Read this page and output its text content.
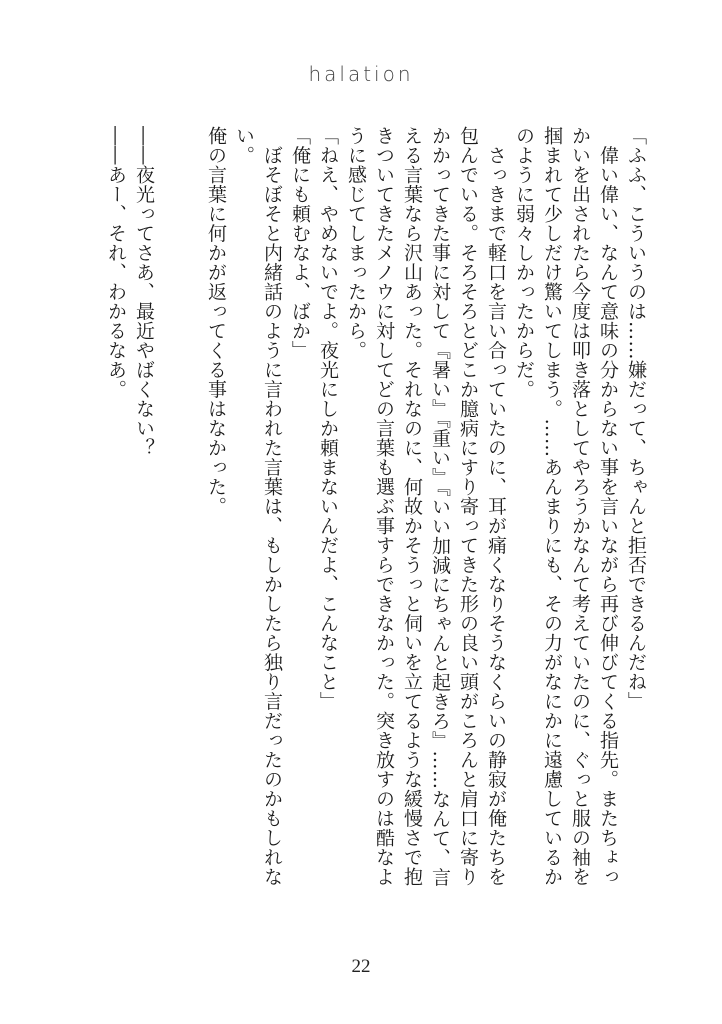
halation

「ふふ、こういうのは……嫌だって、ちゃんと拒否できるんだね」

　偉い偉い、なんて意味の分からない事を言いながら再び伸びてくる指先。またちょっかいを出されたら今度は叩き落としてやろうかなんて考えていたのに、ぐっと服の袖を掴まれて少しだけ驚いてしまう。……あんまりにも、その力がなにかに遠慮しているかのように弱々しかったからだ。

　さっきまで軽口を言い合っていたのに、耳が痛くなりそうなくらいの静寂が俺たちを包んでいる。そろそろとどこか臆病にすり寄ってきた形の良い頭がころんと肩口に寄りかかってきた事に対して『暑い』『重い』『いい加減にちゃんと起きろ』……なんて、言える言葉なら沢山あった。それなのに、何故かそうっと伺いを立てるような緩慢さで抱きついてきたメノウに対してどの言葉も選ぶ事すらできなかった。突き放すのは酷なように感じてしまったから。

「ねえ、やめないでよ。夜光にしか頼まないんだよ、こんなこと」

「俺にも頼むなよ、ばか」

　ぼそぼそと内緒話のように言われた言葉は、もしかしたら独り言だったのかもしれない。

俺の言葉に何かが返ってくる事はなかった。

――夜光ってさあ、最近やばくない？

――あー、それ、わかるなあ。

22
